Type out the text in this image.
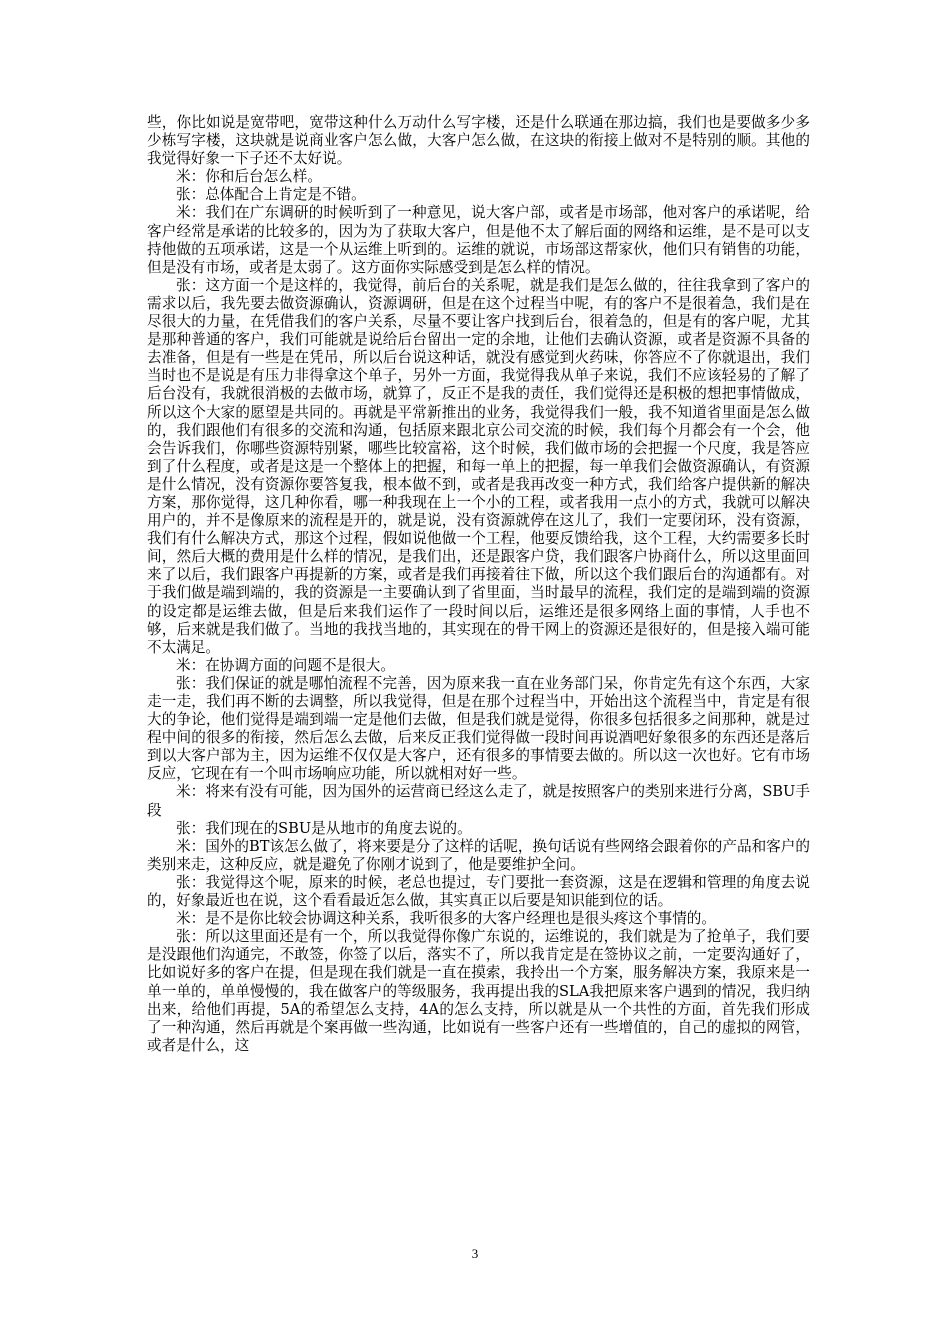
些，你比如说是宽带吧，宽带这种什么万动什么写字楼，还是什么联通在那边搞，我们也是要做多少多少栋写字楼，这块就是说商业客户怎么做，大客户怎么做，在这块的衔接上做对不是特别的顺。其他的我觉得好象一下子还不太好说。

米：你和后台怎么样。

张：总体配合上肯定是不错。

米：我们在广东调研的时候听到了一种意见，说大客户部，或者是市场部，他对客户的承诺呢，给客户经常是承诺的比较多的，因为为了获取大客户，但是他不太了解后面的网络和运维，是不是可以支持他做的五项承诺，这是一个从运维上听到的。运维的就说，市场部这帮家伙，他们只有销售的功能，但是没有市场，或者是太弱了。这方面你实际感受到是怎么样的情况。

张：这方面一个是这样的，我觉得，前后台的关系呢，就是我们是怎么做的，往往我拿到了客户的需求以后，我先要去做资源确认，资源调研，但是在这个过程当中呢，有的客户不是很着急，我们是在尽很大的力量，在凭借我们的客户关系，尽量不要让客户找到后台，很着急的，但是有的客户呢，尤其是那种普通的客户，我们可能就是说给后台留出一定的余地，让他们去确认资源，或者是资源不具备的去准备，但是有一些是在凭吊，所以后台说这种话，就没有感觉到火药味，你答应不了你就退出，我们当时也不是说是有压力非得拿这个单子，另外一方面，我觉得我从单子来说，我们不应该轻易的了解了后台没有，我就很消极的去做市场，就算了，反正不是我的责任，我们觉得还是积极的想把事情做成，所以这个大家的愿望是共同的。再就是平常新推出的业务，我觉得我们一般，我不知道省里面是怎么做的，我们跟他们有很多的交流和沟通，包括原来跟北京公司交流的时候，我们每个月都会有一个会，他会告诉我们，你哪些资源特别紧，哪些比较富裕，这个时候，我们做市场的会把握一个尺度，我是答应到了什么程度，或者是这是一个整体上的把握，和每一单上的把握，每一单我们会做资源确认，有资源是什么情况，没有资源你要答复我，根本做不到，或者是我再改变一种方式，我们给客户提供新的解决方案，那你觉得，这几种你看，哪一种我现在上一个小的工程，或者我用一点小的方式，我就可以解决用户的，并不是像原来的流程是开的，就是说，没有资源就停在这儿了，我们一定要闭环，没有资源，我们有什么解决方式，那这个过程，假如说他做一个工程，他要反馈给我，这个工程，大约需要多长时间，然后大概的费用是什么样的情况，是我们出，还是跟客户贷，我们跟客户协商什么，所以这里面回来了以后，我们跟客户再提新的方案，或者是我们再接着往下做，所以这个我们跟后台的沟通都有。对于我们做是端到端的，我的资源是一主要确认到了省里面，当时最早的流程，我们定的是端到端的资源的设定都是运维去做，但是后来我们运作了一段时间以后，运维还是很多网络上面的事情，人手也不够，后来就是我们做了。当地的我找当地的，其实现在的骨干网上的资源还是很好的，但是接入端可能不太满足。

米：在协调方面的问题不是很大。

张：我们保证的就是哪怕流程不完善，因为原来我一直在业务部门呆，你肯定先有这个东西，大家走一走，我们再不断的去调整，所以我觉得，但是在那个过程当中，开始出这个流程当中，肯定是有很大的争论，他们觉得是端到端一定是他们去做，但是我们就是觉得，你很多包括很多之间那种，就是过程中间的很多的衔接，然后怎么去做，后来反正我们觉得做一段时间再说酒吧好象很多的东西还是落后到以大客户部为主，因为运维不仅仅是大客户，还有很多的事情要去做的。所以这一次也好。它有市场反应，它现在有一个叫市场响应功能，所以就相对好一些。

米：将来有没有可能，因为国外的运营商已经这么走了，就是按照客户的类别来进行分离，SBU手段

张：我们现在的SBU是从地市的角度去说的。

米：国外的BT该怎么做了，将来要是分了这样的话呢，换句话说有些网络会跟着你的产品和客户的类别来走，这种反应，就是避免了你刚才说到了，他是要维护全问。

张：我觉得这个呢，原来的时候，老总也提过，专门要批一套资源，这是在逻辑和管理的角度去说的，好象最近也在说，这个看看最近怎么做，其实真正以后要是知识能到位的话。

米：是不是你比较会协调这种关系，我听很多的大客户经理也是很头疼这个事情的。

张：所以这里面还是有一个，所以我觉得你像广东说的，运维说的，我们就是为了抢单子，我们要是没跟他们沟通完，不敢签，你签了以后，落实不了，所以我肯定是在签协议之前，一定要沟通好了，比如说好多的客户在提，但是现在我们就是一直在摸索，我拎出一个方案，服务解决方案，我原来是一单一单的，单单慢慢的，我在做客户的等级服务，我再提出我的SLA我把原来客户遇到的情况，我归纳出来，给他们再提，5A的希望怎么支持，4A的怎么支持，所以就是从一个共性的方面，首先我们形成了一种沟通，然后再就是个案再做一些沟通，比如说有一些客户还有一些增值的，自己的虚拟的网管，或者是什么，这

3
